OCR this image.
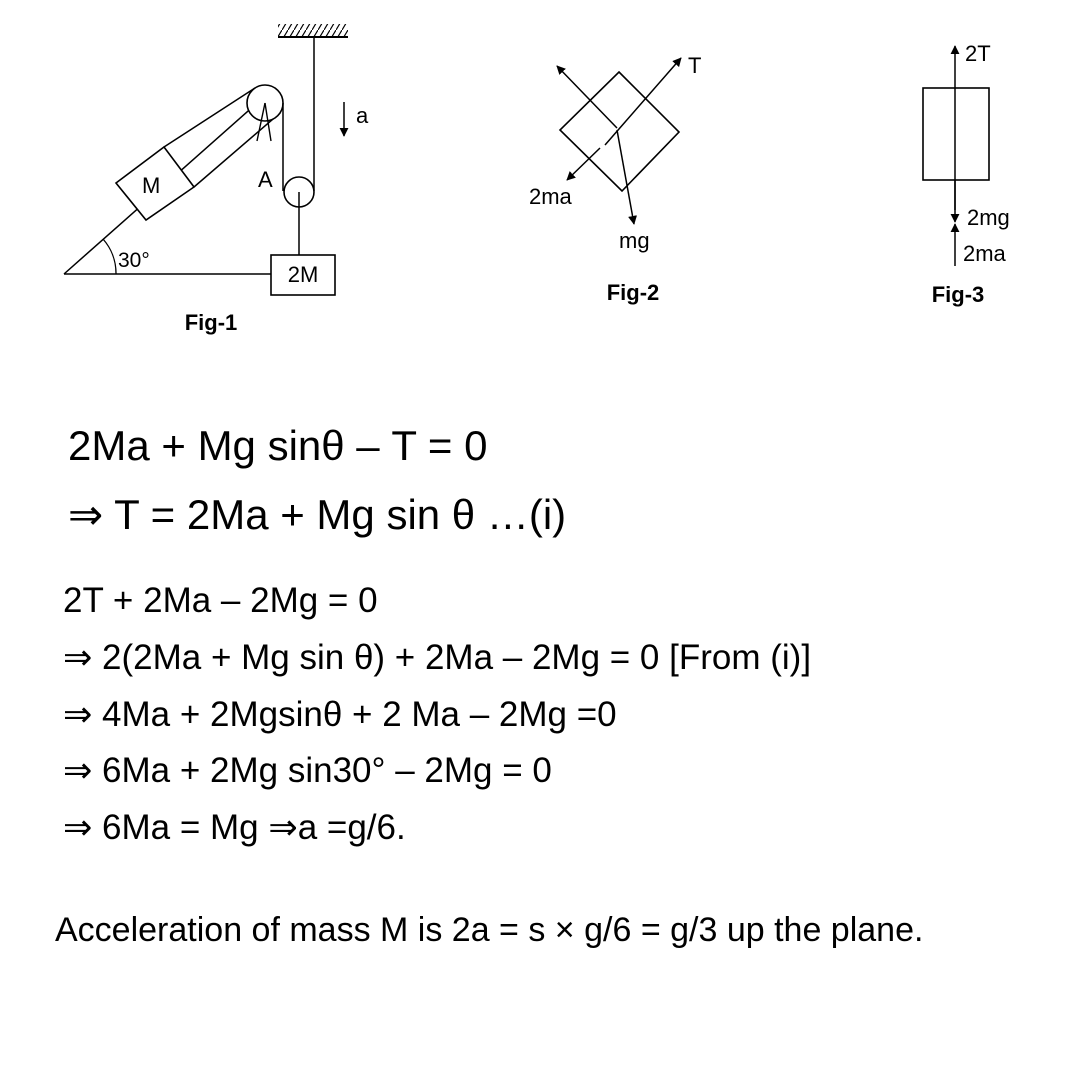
30°
M	A
2M
a
Fig-1
T
2ma
mg
Fig-2
2T
2mg
2ma
Fig-3
2Ma + Mg sinθ – T = 0
⇒ T = 2Ma + Mg sin θ …(i)
2T + 2Ma – 2Mg = 0
⇒ 2(2Ma + Mg sin θ) + 2Ma – 2Mg = 0 [From (i)]
⇒ 4Ma + 2Mgsinθ + 2 Ma – 2Mg =0
⇒ 6Ma + 2Mg sin30° – 2Mg = 0
⇒ 6Ma = Mg ⇒a =g/6.
Acceleration of mass M is 2a = s × g/6 = g/3 up the plane.
